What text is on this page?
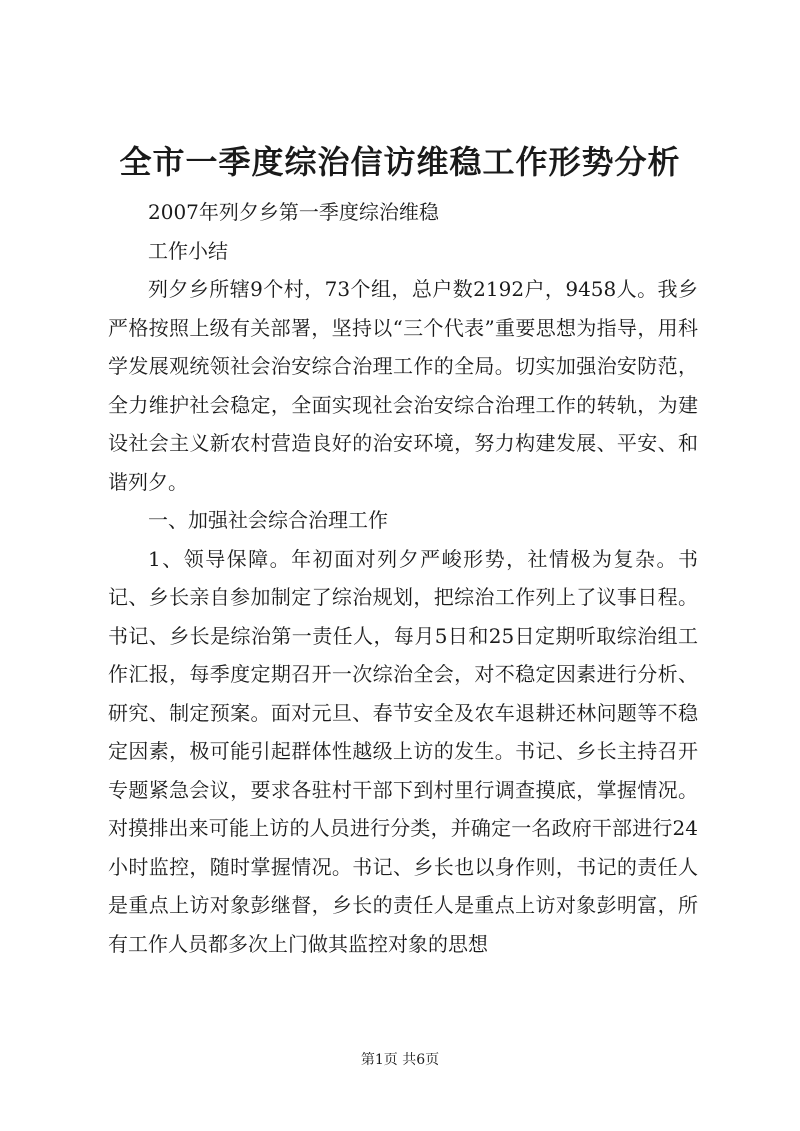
全市一季度综治信访维稳工作形势分析

2007年列夕乡第一季度综治维稳

工作小结

列夕乡所辖9个村，73个组，总户数2192户，9458人。我乡严格按照上级有关部署，坚持以“三个代表”重要思想为指导，用科学发展观统领社会治安综合治理工作的全局。切实加强治安防范，全力维护社会稳定，全面实现社会治安综合治理工作的转轨，为建设社会主义新农村营造良好的治安环境，努力构建发展、平安、和谐列夕。

一、加强社会综合治理工作

1、领导保障。年初面对列夕严峻形势，社情极为复杂。书记、乡长亲自参加制定了综治规划，把综治工作列上了议事日程。书记、乡长是综治第一责任人，每月5日和25日定期听取综治组工作汇报，每季度定期召开一次综治全会，对不稳定因素进行分析、研究、制定预案。面对元旦、春节安全及农车退耕还林问题等不稳定因素，极可能引起群体性越级上访的发生。书记、乡长主持召开专题紧急会议，要求各驻村干部下到村里行调查摸底，掌握情况。对摸排出来可能上访的人员进行分类，并确定一名政府干部进行24小时监控，随时掌握情况。书记、乡长也以身作则，书记的责任人是重点上访对象彭继督，乡长的责任人是重点上访对象彭明富，所有工作人员都多次上门做其监控对象的思想

第1页 共6页
